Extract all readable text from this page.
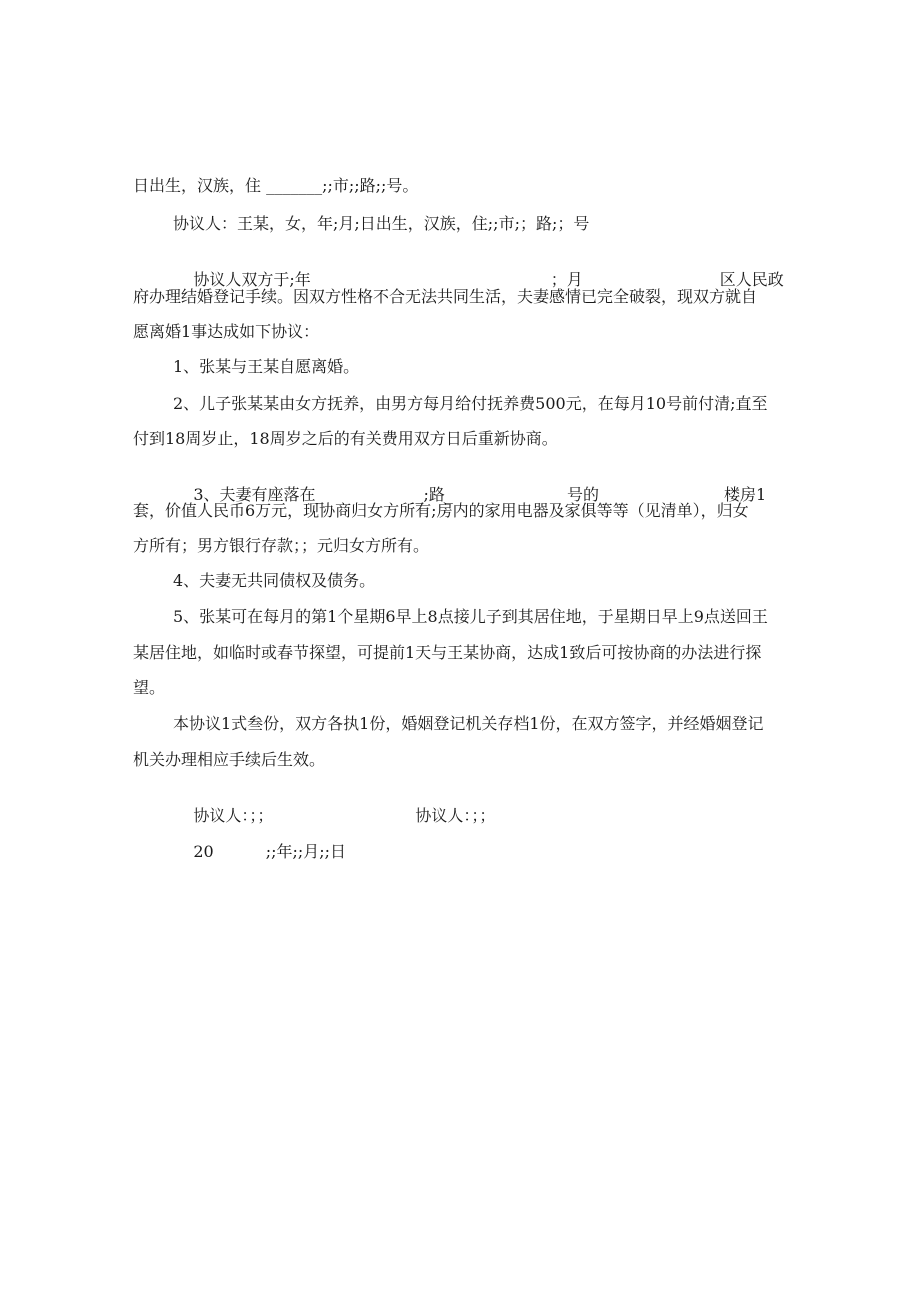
日出生，汉族，住 _______;;市;;路;;号。
协议人：王某，女，年;月;日出生，汉族，住;;市;；路;；号

协议人双方于;年	；月	区人民政

府办理结婚登记手续。因双方性格不合无法共同生活，夫妻感情已完全破裂，现双方就自
愿离婚1事达成如下协议：
1、张某与王某自愿离婚。
2、儿子张某某由女方抚养，由男方每月给付抚养费500元，在每月10号前付清;直至
付到18周岁止，18周岁之后的有关费用双方日后重新协商。

3、夫妻有座落在_	_;路_	号的	楼房1

套，价值人民币6万元，现协商归女方所有;房内的家用电器及家俱等等（见清单），归女
方所有；男方银行存款；；元归女方所有。
4、夫妻无共同债权及债务。
5、张某可在每月的第1个星期6早上8点接儿子到其居住地，于星期日早上9点送回王
某居住地，如临时或春节探望，可提前1天与王某协商，达成1致后可按协商的办法进行探
望。
本协议1式叁份，双方各执1份，婚姻登记机关存档1份，在双方签字，并经婚姻登记
机关办理相应手续后生效。

协议人：；；	协议人：；；

20	;;年;;月;;日
